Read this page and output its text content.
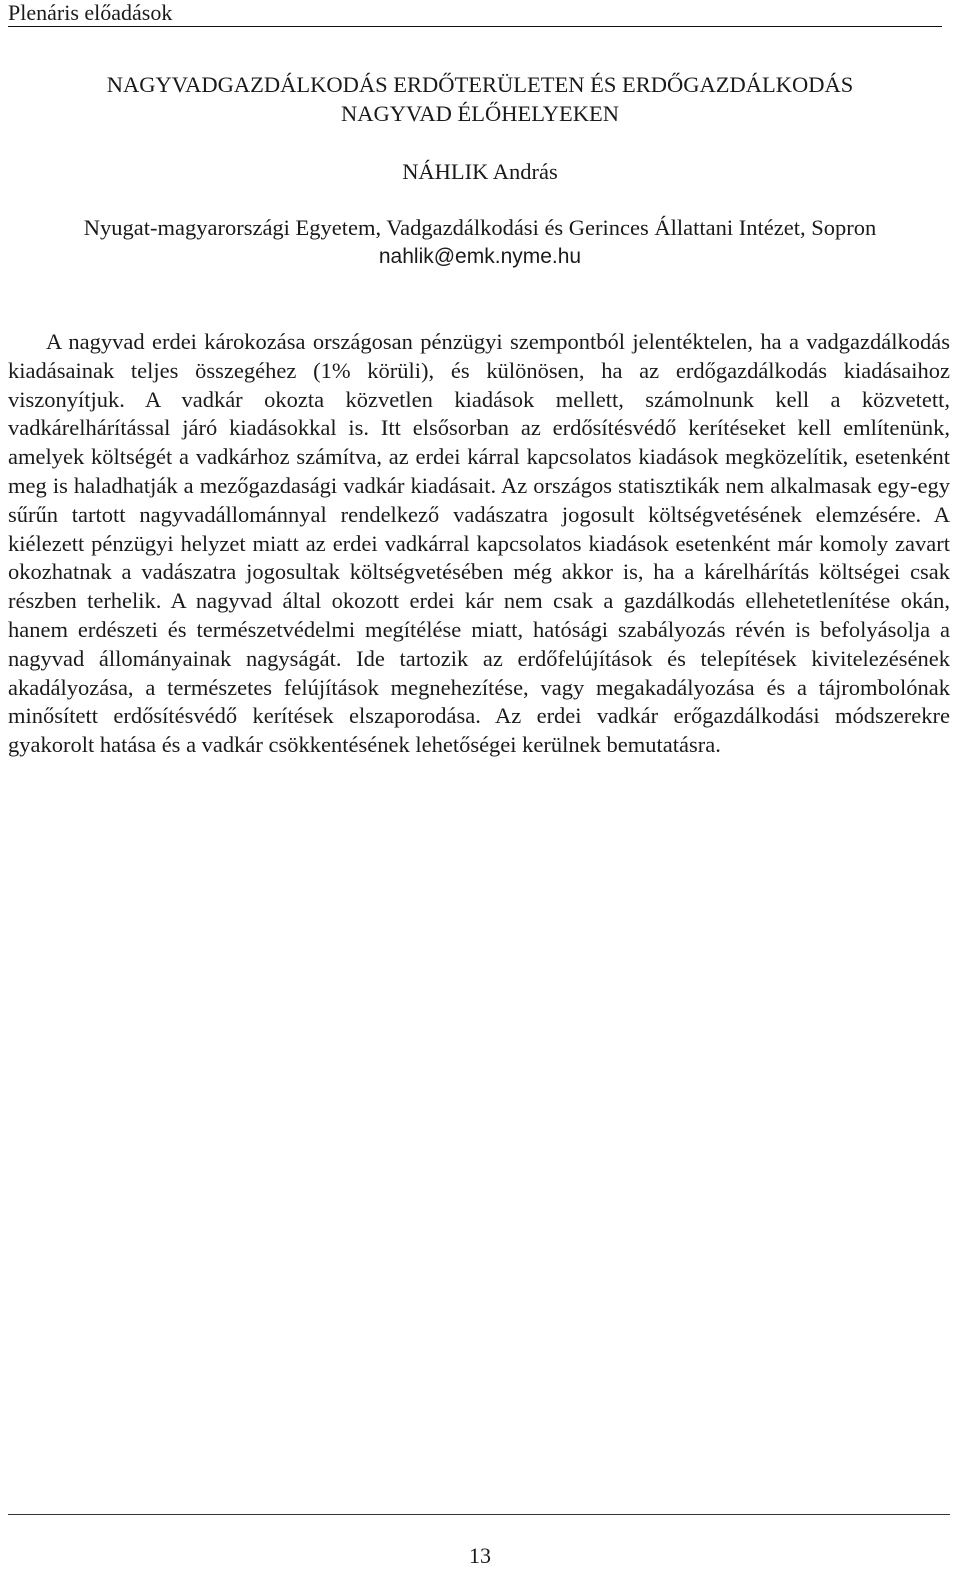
Plenáris előadások
NAGYVADGAZDÁLKODÁS ERDŐTERÜLETEN ÉS ERDŐGAZDÁLKODÁS
NAGYVAD ÉLŐHELYEKEN
NÁHLIK András
Nyugat-magyarországi Egyetem, Vadgazdálkodási és Gerinces Állattani Intézet, Sopron
nahlik@emk.nyme.hu

A nagyvad erdei károkozása országosan pénzügyi szempontból jelentéktelen, ha a vadgazdálkodás kiadásainak teljes összegéhez (1% körüli), és különösen, ha az erdőgazdálkodás kiadásaihoz viszonyítjuk. A vadkár okozta közvetlen kiadások mellett, számolnunk kell a közvetett, vadkárelhárítással járó kiadásokkal is. Itt elsősorban az erdősítésvédő kerítéseket kell említenünk, amelyek költségét a vadkárhoz számítva, az erdei kárral kapcsolatos kiadások megközelítik, esetenként meg is haladhatják a mezőgazdasági vadkár kiadásait. Az országos statisztikák nem alkalmasak egy-egy sűrűn tartott nagyvadállománnyal rendelkező vadászatra jogosult költségvetésének elemzésére. A kiélezett pénzügyi helyzet miatt az erdei vadkárral kapcsolatos kiadások esetenként már komoly zavart okozhatnak a vadászatra jogosultak költségvetésében még akkor is, ha a kárelhárítás költségei csak részben terhelik. A nagyvad által okozott erdei kár nem csak a gazdálkodás ellehetetlenítése okán, hanem erdészeti és természetvédelmi megítélése miatt, hatósági szabályozás révén is befolyásolja a nagyvad állományainak nagyságát. Ide tartozik az erdőfelújítások és telepítések kivitelezésének akadályozása, a természetes felújítások megnehezítése, vagy megakadályozása és a tájrombolónak minősített erdősítésvédő kerítések elszaporodása. Az erdei vadkár erőgazdálkodási módszerekre gyakorolt hatása és a vadkár csökkentésének lehetőségei kerülnek bemutatásra.

13
